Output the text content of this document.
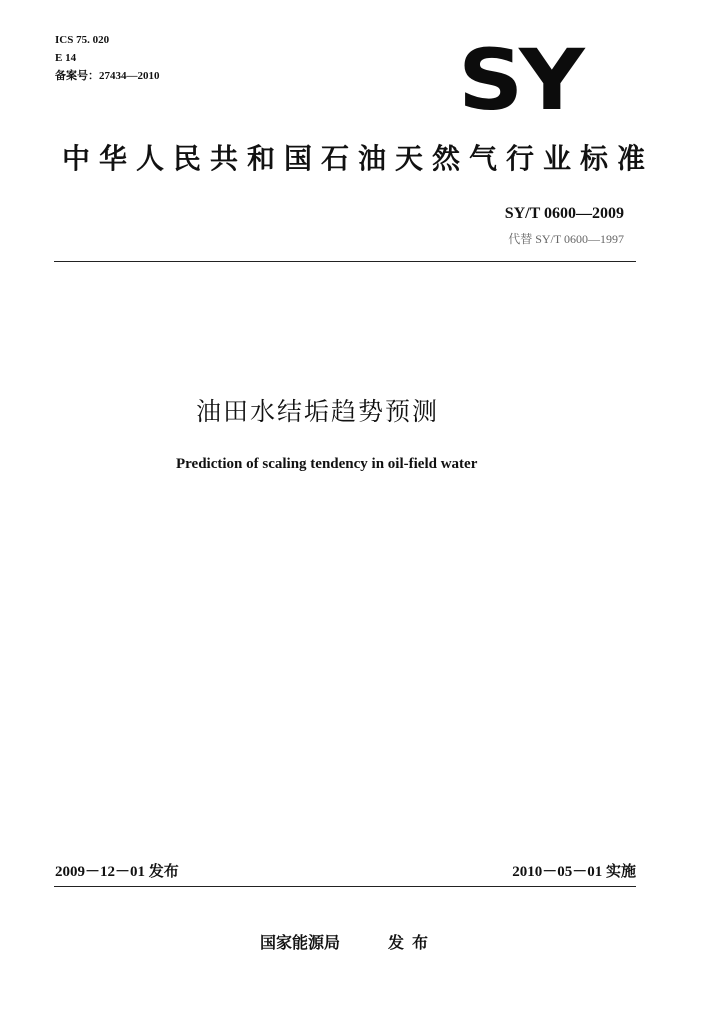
ICS 75. 020
E 14
备案号：27434—2010	SY
中华人民共和国石油天然气行业标准
SY/T 0600—2009
代替 SY/T 0600—1997
油田水结垢趋势预测
Prediction of scaling tendency in oil-field water
2009－12－01 发布	2010－05－01 实施
国家能源局	发布
